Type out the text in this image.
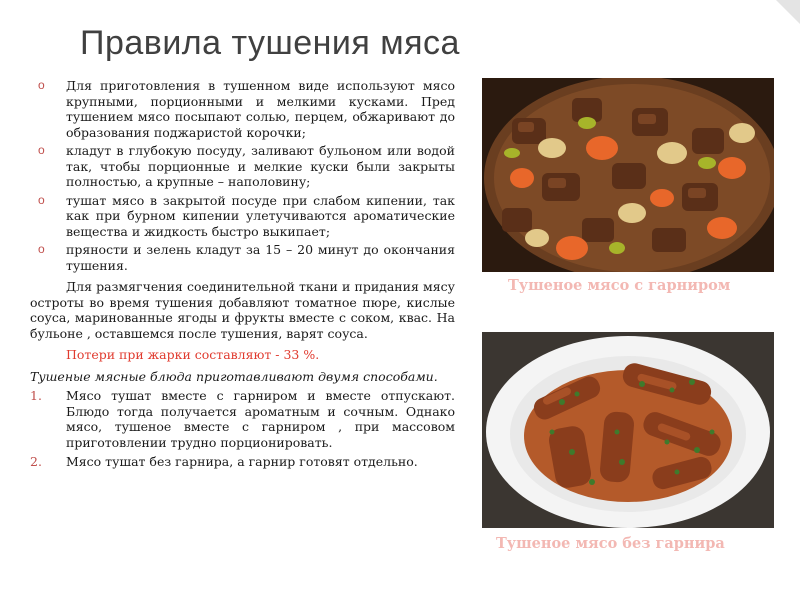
Правила тушения мяса
o Для приготовления в тушенном виде используют мясо крупными, порционными и мелкими кусками. Пред тушением мясо посыпают солью, перцем, обжаривают до образования поджаристой корочки;
o кладут в глубокую посуду, заливают бульоном или водой так, чтобы порционные и мелкие куски были закрыты полностью, а крупные – наполовину;
o тушат мясо в закрытой посуде при слабом кипении, так как при бурном кипении улетучиваются ароматические вещества и жидкость быстро выкипает;
o пряности и зелень кладут за 15 – 20 минут до окончания тушения.
Для размягчения соединительной ткани и придания мясу остроты во время тушения добавляют томатное пюре, кислые соуса, маринованные ягоды и фрукты вместе с соком, квас. На бульоне , оставшемся после тушения, варят соуса.
Потери при жарки составляют - 33 %.
Тушеные мясные блюда приготавливают двумя способами.
1.	Мясо тушат вместе с гарниром и вместе отпускают. Блюдо тогда получается ароматным и сочным. Однако мясо, тушеное вместе с гарниром , при массовом приготовлении трудно порционировать.
2.	Мясо тушат без гарнира, а гарнир готовят отдельно.
Тушеное мясо с гарниром
Тушеное мясо без гарнира
